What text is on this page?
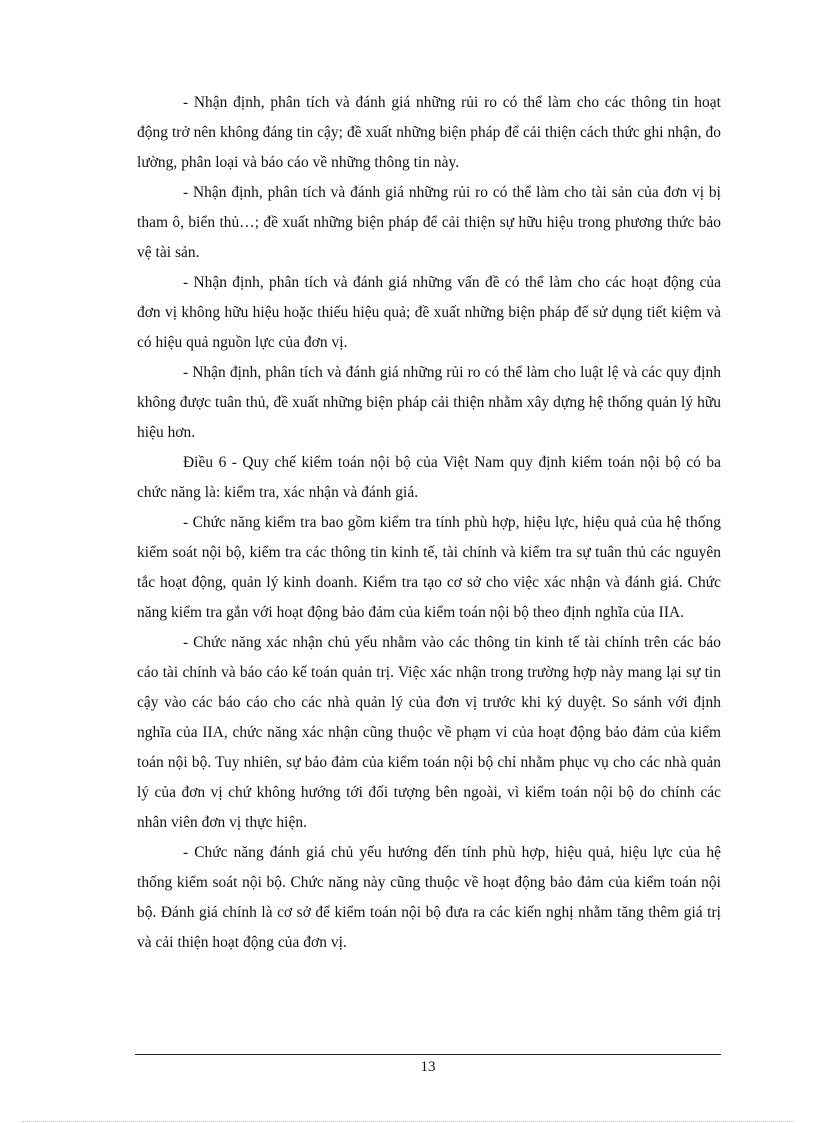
- Nhận định, phân tích và đánh giá những rủi ro có thể làm cho các thông tin hoạt động trở nên không đáng tin cậy; đề xuất những biện pháp để cải thiện cách thức ghi nhận, đo lường, phân loại và báo cáo về những thông tin này.

- Nhận định, phân tích và đánh giá những rủi ro có thể làm cho tài sản của đơn vị bị tham ô, biển thủ…; đề xuất những biện pháp để cải thiện sự hữu hiệu trong phương thức bảo vệ tài sản.

- Nhận định, phân tích và đánh giá những vấn đề có thể làm cho các hoạt động của đơn vị không hữu hiệu hoặc thiếu hiệu quả; đề xuất những biện pháp để sử dụng tiết kiệm và có hiệu quả nguồn lực của đơn vị.

- Nhận định, phân tích và đánh giá những rủi ro có thể làm cho luật lệ và các quy định không được tuân thủ, đề xuất những biện pháp cải thiện nhằm xây dựng hệ thống quản lý hữu hiệu hơn.

Điều 6 - Quy chế kiểm toán nội bộ của Việt Nam quy định kiểm toán nội bộ có ba chức năng là: kiểm tra, xác nhận và đánh giá.

- Chức năng kiểm tra bao gồm kiểm tra tính phù hợp, hiệu lực, hiệu quả của hệ thống kiểm soát nội bộ, kiểm tra các thông tin kinh tế, tài chính và kiểm tra sự tuân thủ các nguyên tắc hoạt động, quản lý kinh doanh. Kiểm tra tạo cơ sở cho việc xác nhận và đánh giá. Chức năng kiểm tra gắn với hoạt động bảo đảm của kiểm toán nội bộ theo định nghĩa của IIA.

- Chức năng xác nhận chủ yếu nhằm vào các thông tin kinh tế tài chính trên các báo cáo tài chính và báo cáo kế toán quản trị. Việc xác nhận trong trường hợp này mang lại sự tin cậy vào các báo cáo cho các nhà quản lý của đơn vị trước khi ký duyệt. So sánh với định nghĩa của IIA, chức năng xác nhận cũng thuộc về phạm vi của hoạt động bảo đảm của kiểm toán nội bộ. Tuy nhiên, sự bảo đảm của kiểm toán nội bộ chỉ nhằm phục vụ cho các nhà quản lý của đơn vị chứ không hướng tới đối tượng bên ngoài, vì kiểm toán nội bộ do chính các nhân viên đơn vị thực hiện.

- Chức năng đánh giá chủ yếu hướng đến tính phù hợp, hiệu quả, hiệu lực của hệ thống kiểm soát nội bộ. Chức năng này cũng thuộc về hoạt động bảo đảm của kiểm toán nội bộ. Đánh giá chính là cơ sở để kiểm toán nội bộ đưa ra các kiến nghị nhằm tăng thêm giá trị và cải thiện hoạt động của đơn vị.

13
